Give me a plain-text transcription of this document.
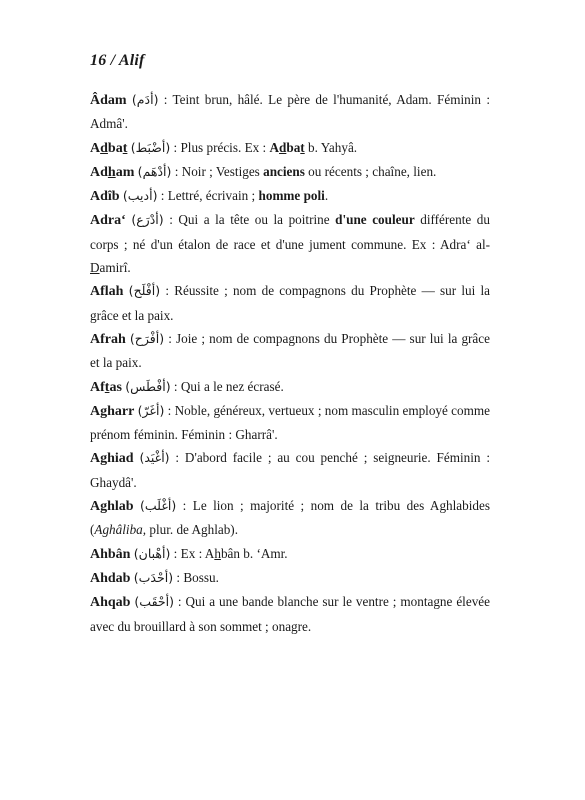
16 / Alif

Âdam (أدَم) : Teint brun, hâlé. Le père de l'humanité, Adam. Féminin : Admâ'.

Adbat (أضْبَط) : Plus précis. Ex : Adbat b. Yahyâ.

Adham (أدْهَم) : Noir ; Vestiges anciens ou récents ; chaîne, lien.

Adîb (أديب) : Lettré, écrivain ; homme poli.

Adra‘ (أدْرَع) : Qui a la tête ou la poitrine d'une couleur différente du corps ; né d'un étalon de race et d'une jument commune. Ex : Adra‘ al-Damirî.

Aflah (أفْلَح) : Réussite ; nom de compagnons du Prophète — sur lui la grâce et la paix.

Afrah (أفْرَح) : Joie ; nom de compagnons du Prophète — sur lui la grâce et la paix.

Aftas (أفْطَس) : Qui a le nez écrasé.

Agharr (أغَرّ) : Noble, généreux, vertueux ; nom masculin employé comme prénom féminin. Féminin : Gharrâ'.

Aghiad (أغْيَد) : D'abord facile ; au cou penché ; seigneurie. Féminin : Ghaydâ'.

Aghlab (أغْلَب) : Le lion ; majorité ; nom de la tribu des Aghlabides (Aghâliba, plur. de Aghlab).

Ahbân (أهْبان) : Ex : Ahbân b. ‘Amr.

Ahdab (أحْدَب) : Bossu.

Ahqab (أحْقَب) : Qui a une bande blanche sur le ventre ; montagne élevée avec du brouillard à son sommet ; onagre.
